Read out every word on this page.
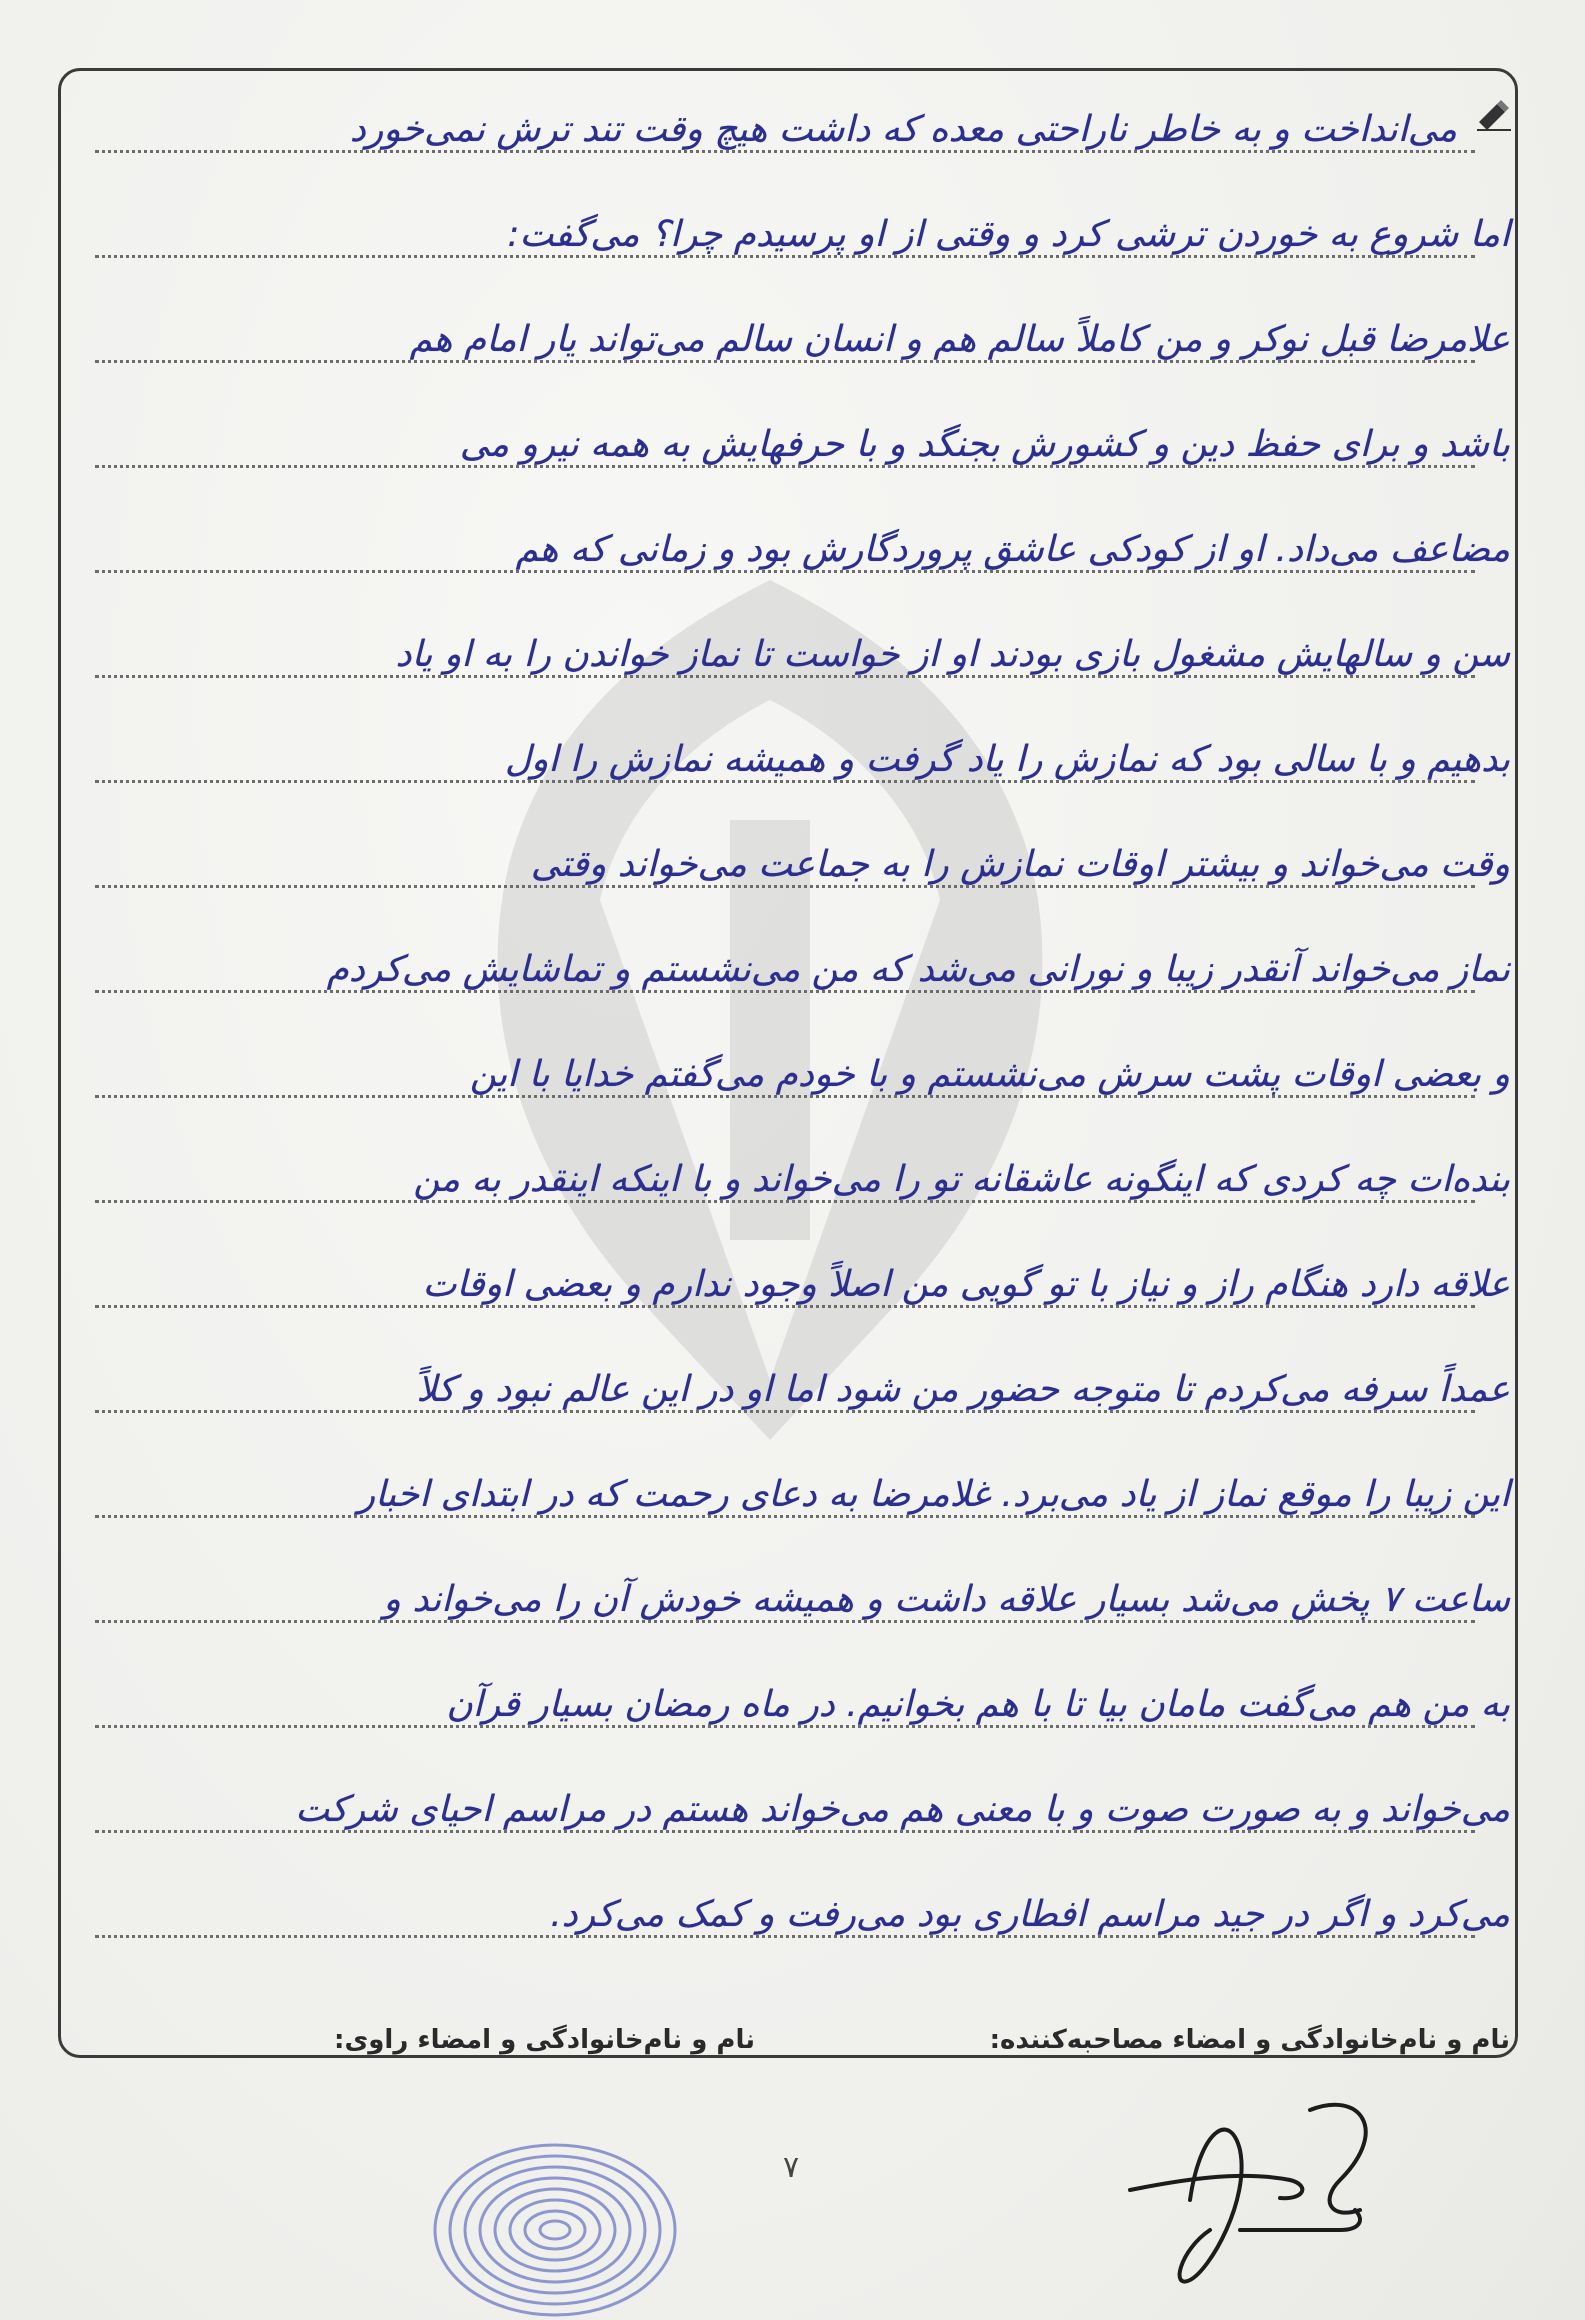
می‌انداخت و به خاطر ناراحتی معده که داشت هیچ وقت تند ترش نمی‌خورد
اما شروع به خوردن ترشی کرد و وقتی از او پرسیدم چرا؟ می‌گفت:
علامرضا قبل نوکر و من کاملاً سالم هم و انسان سالم می‌تواند یار امام هم
باشد و برای حفظ دین و کشورش بجنگد و با حرفهایش به همه نیرو می
مضاعف می‌داد. او از کودکی عاشق پروردگارش بود و زمانی که هم
سن و سالهایش مشغول بازی بودند او از خواست تا نماز خواندن را به او یاد
بدهیم و با سالی بود که نمازش را یاد گرفت و همیشه نمازش را اول
وقت می‌خواند و بیشتر اوقات نمازش را به جماعت می‌خواند وقتی
نماز می‌خواند آنقدر زیبا و نورانی می‌شد که من می‌نشستم و تماشایش می‌کردم
و بعضی اوقات پشت سرش می‌نشستم و با خودم می‌گفتم خدایا با این
بنده‌ات چه کردی که اینگونه عاشقانه تو را می‌خواند و با اینکه اینقدر به من
علاقه دارد هنگام راز و نیاز با تو گویی من اصلاً وجود ندارم و بعضی اوقات
عمداً سرفه می‌کردم تا متوجه حضور من شود اما او در این عالم نبود و کلاً
این زیبا را موقع نماز از یاد می‌برد. غلامرضا به دعای رحمت که در ابتدای اخبار
ساعت ۷ پخش می‌شد بسیار علاقه داشت و همیشه خودش آن را می‌خواند و
به من هم می‌گفت مامان بیا تا با هم بخوانیم. در ماه رمضان بسیار قرآن
می‌خواند و به صورت صوت و با معنی هم می‌خواند هستم در مراسم احیای شرکت
می‌کرد و اگر در جید مراسم افطاری بود می‌رفت و کمک می‌کرد.
نام و نام‌خانوادگی و امضاء مصاحبه‌کننده:
نام و نام‌خانوادگی و امضاء راوی:
۷
